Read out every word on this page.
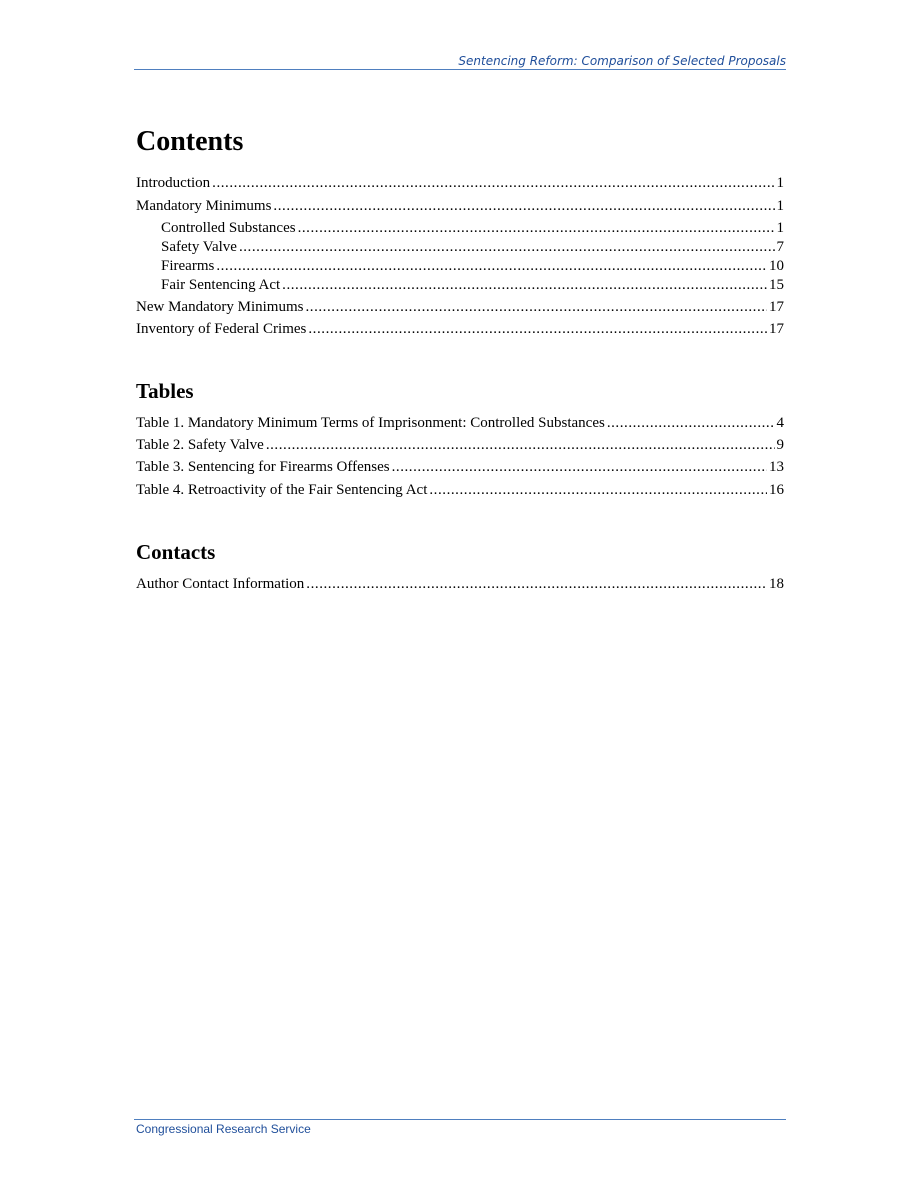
Sentencing Reform: Comparison of Selected Proposals
Contents
Introduction . . .	1
Mandatory Minimums . . .	1
Controlled Substances . . .	1
Safety Valve . . .	7
Firearms . . .	10
Fair Sentencing Act . . .	15
New Mandatory Minimums . . .	17
Inventory of Federal Crimes . . .	17
Tables
Table 1. Mandatory Minimum Terms of Imprisonment: Controlled Substances . . .	4
Table 2. Safety Valve . . .	9
Table 3. Sentencing for Firearms Offenses . . .	13
Table 4. Retroactivity of the Fair Sentencing Act . . .	16
Contacts
Author Contact Information . . .	18
Congressional Research Service
